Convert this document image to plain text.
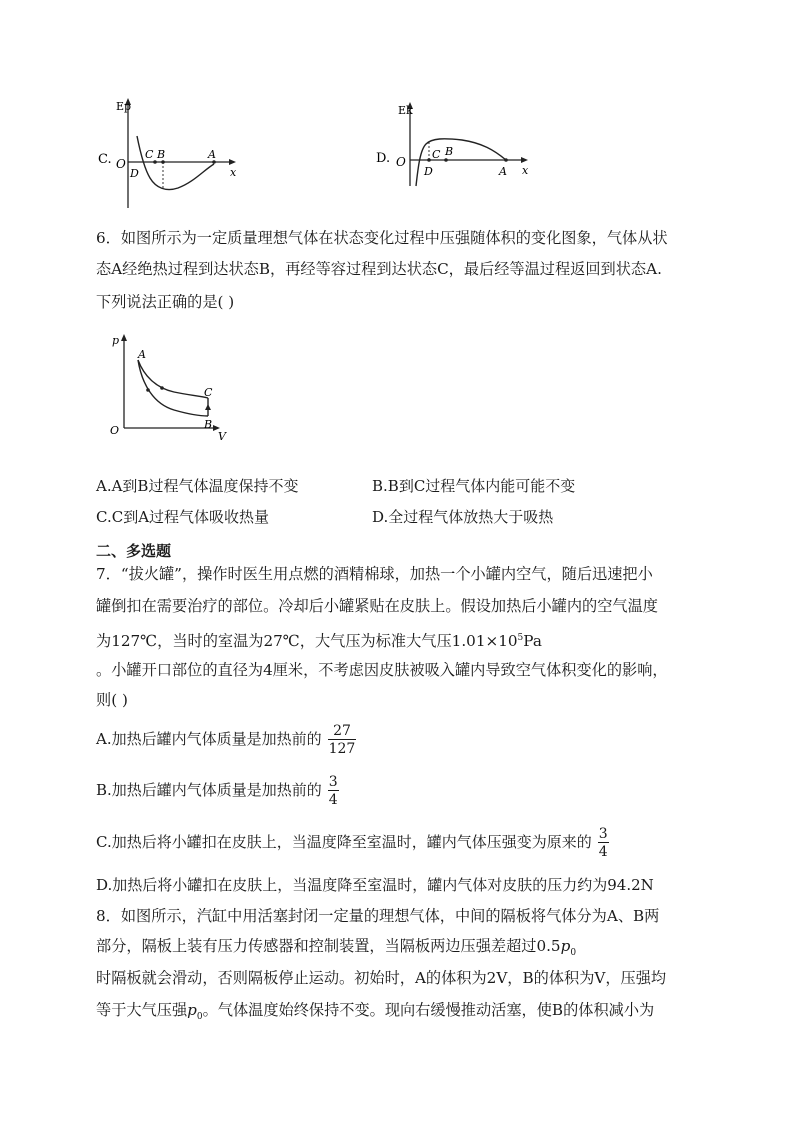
C. O
Ep
x
D
C B	A	D. O
Ek
x
D
C B
A
6．如图所示为一定质量理想气体在状态变化过程中压强随体积的变化图象，气体从状
态A经绝热过程到达状态B，再经等容过程到达状态C，最后经等温过程返回到状态A.
下列说法正确的是( )
p
V
O
A
C
B
A.A到B过程气体温度保持不变	B.B到C过程气体内能可能不变
C.C到A过程气体吸收热量	D.全过程气体放热大于吸热
二、多选题
7．“拔火罐”，操作时医生用点燃的酒精棉球，加热一个小罐内空气，随后迅速把小
罐倒扣在需要治疗的部位。冷却后小罐紧贴在皮肤上。假设加热后小罐内的空气温度
为127℃，当时的室温为27℃，大气压为标准大气压$1.01\times 10^5Pa$
。小罐开口部位的直径为4厘米，不考虑因皮肤被吸入罐内导致空气体积变化的影响，
则( )
A.加热后罐内气体质量是加热前的 $\frac{27}{127}$
B.加热后罐内气体质量是加热前的 $\frac{3}{4}$
C.加热后将小罐扣在皮肤上，当温度降至室温时，罐内气体压强变为原来的 $\frac{3}{4}$
D.加热后将小罐扣在皮肤上，当温度降至室温时，罐内气体对皮肤的压力约为94.2N
8．如图所示，汽缸中用活塞封闭一定量的理想气体，中间的隔板将气体分为A、B两
部分，隔板上装有压力传感器和控制装置，当隔板两边压强差超过$0.5p_0$
时隔板就会滑动，否则隔板停止运动。初始时，A的体积为2V，B的体积为V，压强均
等于大气压强$p_0$。气体温度始终保持不变。现向右缓慢推动活塞，使B的体积减小为
